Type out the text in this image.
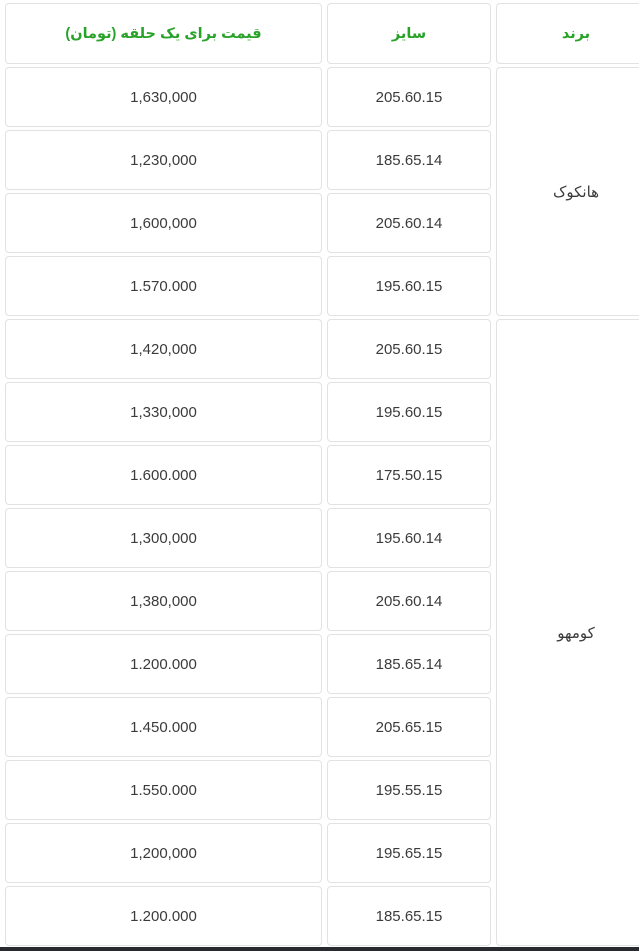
برند	سایز	قیمت برای یک حلقه (تومان)
هانکوک	205.60.15	1,630,000
	185.65.14	1,230,000
	205.60.14	1,600,000
	195.60.15	1.570.000
کومهو	205.60.15	1,420,000
	195.60.15	1,330,000
	175.50.15	1.600.000
	195.60.14	1,300,000
	205.60.14	1,380,000
	185.65.14	1.200.000
	205.65.15	1.450.000
	195.55.15	1.550.000
	195.65.15	1,200,000
	185.65.15	1.200.000
